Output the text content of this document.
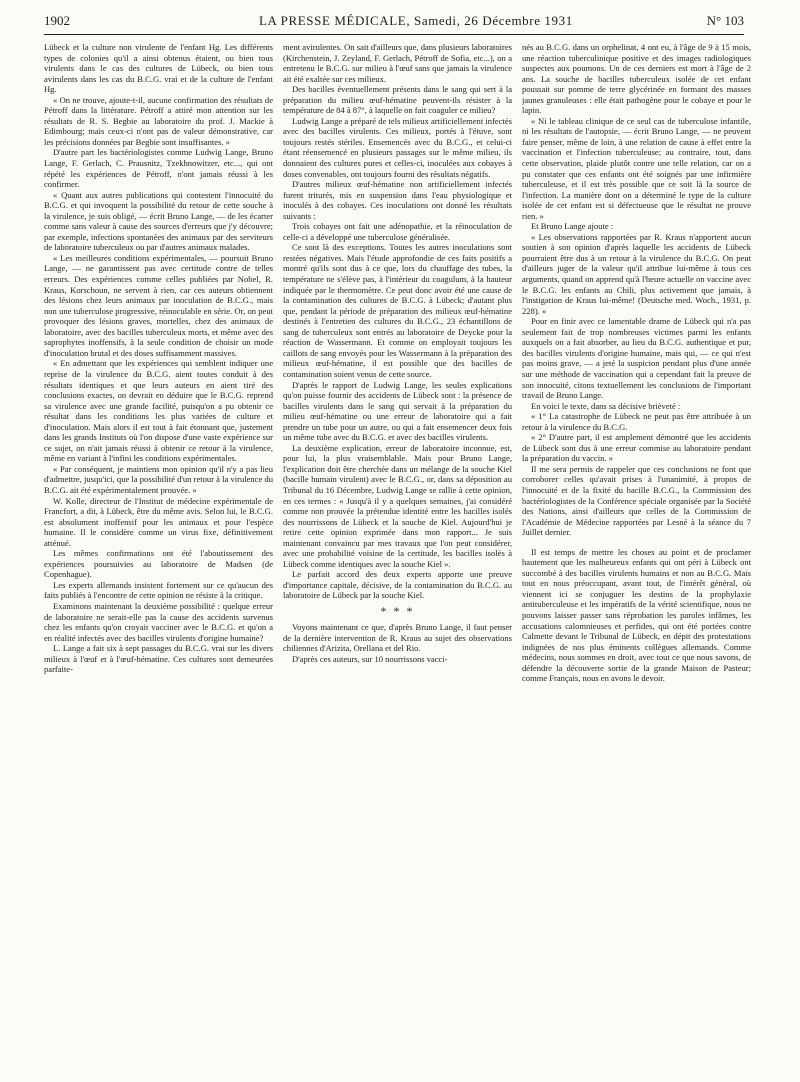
1902	LA PRESSE MÉDICALE, Samedi, 26 Décembre 1931	N° 103

Lübeck et la culture non virulente de l'enfant Hg. Les différents types de colonies qu'il a ainsi obtenus étaient, ou bien tous virulents dans le cas des cultures de Lübeck, ou bien tous avirulents dans les cas du B.C.G. vrai et de la culture de l'enfant Hg.

« On ne trouve, ajoute-t-il, aucune confirmation des résultats de Pétroff dans la littérature. Pétroff a attiré mon attention sur les résultats de R. S. Begbie au laboratoire du prof. J. Mackie à Edimbourg; mais ceux-ci n'ont pas de valeur démonstrative, car les précisions données par Begbie sont insuffisantes. »

D'autre part les bactériologistes comme Ludwig Lange, Bruno Lange, F. Gerlach, C. Prausnitz, Tzekhnowitzer, etc..., qui ont répété les expériences de Pétroff, n'ont jamais réussi à les confirmer.

« Quant aux autres publications qui contestent l'innocuité du B.C.G. et qui invoquent la possibilité du retour de cette souche à la virulence, je suis obligé, — écrit Bruno Lange, — de les écarter comme sans valeur à cause des sources d'erreurs que j'y découvre; par exemple, infections spontanées des animaux par des serviteurs de laboratoire tuberculeux ou par d'autres animaux malades.

« Les meilleures conditions expérimentales, — poursuit Bruno Lange, — ne garantissent pas avec certitude contre de telles erreurs. Des expériences comme celles publiées par Nobel, R. Kraus, Korschoun, ne servent à rien, car ces auteurs obtiennent des lésions chez leurs animaux par inoculation de B.C.G., mais non une tuberculose progressive, réinoculable en série. Or, on peut provoquer des lésions graves, mortelles, chez des animaux de laboratoire, avec des bacilles tuberculeux morts, et même avec des saprophytes inoffensifs, à la seule condition de choisir un mode d'inoculation brutal et des doses suffisamment massives.

« En admettant que les expériences qui semblent indiquer une reprise de la virulence du B.C.G. aient toutes conduit à des résultats identiques et que leurs auteurs en aient tiré des conclusions exactes, on devrait en déduire que le B.C.G. reprend sa virulence avec une grande facilité, puisqu'on a pu obtenir ce résultat dans les conditions les plus variées de culture et d'inoculation. Mais alors il est tout à fait étonnant que, justement dans les grands Instituts où l'on dispose d'une vaste expérience sur ce sujet, on n'ait jamais réussi à obtenir ce retour à la virulence, même en variant à l'infini les conditions expérimentales.

« Par conséquent, je maintiens mon opinion qu'il n'y a pas lieu d'admettre, jusqu'ici, que la possibilité d'un retour à la virulence du B.C.G. ait été expérimentalement prouvée. »

W. Kolle, directeur de l'Institut de médecine expérimentale de Francfort, a dit, à Lübeck, être du même avis. Selon lui, le B.C.G. est absolument inoffensif pour les animaux et pour l'espèce humaine. Il le considère comme un virus fixe, définitivement atténué.

Les mêmes confirmations ont été l'aboutissement des expériences poursuivies au laboratoire de Madsen (de Copenhague).

Les experts allemands insistent fortement sur ce qu'aucun des faits publiés à l'encontre de cette opinion ne résiste à la critique.

Examinons maintenant la deuxième possibilité : quelque erreur de laboratoire ne serait-elle pas la cause des accidents survenus chez les enfants qu'on croyait vacciner avec le B.C.G. et qu'on a en réalité infectés avec des bacilles virulents d'origine humaine?

L. Lange a fait six à sept passages du B.C.G. vrai sur les divers milieux à l'œuf et à l'œuf-hématine. Ces cultures sont demeurées parfaite-

ment avirulentes. On sait d'ailleurs que, dans plusieurs laboratoires (Kirchenstein, J. Zeyland, F. Gerlach, Pétroff de Sofia, etc...), on a entretenu le B.C.G. sur milieu à l'œuf sans que jamais la virulence ait été exaltée sur ces milieux.

Des bacilles éventuellement présents dans le sang qui sert à la préparation du milieu œuf-hématine peuvent-ils résister à la température de 84 à 87°, à laquelle on fait coaguler ce milieu?

Ludwig Lange a préparé de tels milieux artificiellement infectés avec des bacilles virulents. Ces milieux, portés à l'étuve, sont toujours restés stériles. Ensemencés avec du B.C.G., et celui-ci étant réensemencé en plusieurs passages sur le même milieu, ils donnaient des cultures pures et celles-ci, inoculées aux cobayes à doses convenables, ont toujours fourni des résultats négatifs.

D'autres milieux œuf-hématine non artificiellement infectés furent triturés, mis en suspension dans l'eau physiologique et inoculés à des cobayes. Ces inoculations ont donné les résultats suivants :

Trois cobayes ont fait une adénopathie, et la réinoculation de celle-ci a développé une tuberculose généralisée.

Ce sont là des exceptions. Toutes les autres inoculations sont restées négatives. Mais l'étude approfondie de ces faits positifs a montré qu'ils sont dus à ce que, lors du chauffage des tubes, la température ne s'élève pas, à l'intérieur du coagulum, à la hauteur indiquée par le thermomètre. Ce peut donc avoir été une cause de la contamination des cultures de B.C.G. à Lübeck; d'autant plus que, pendant la période de préparation des milieux œuf-hématine destinés à l'entretien des cultures du B.C.G., 23 échantillons de sang de tuberculeux sont entrés au laboratoire de Deycke pour la réaction de Wassermann. Et comme on employait toujours les caillots de sang envoyés pour les Wassermann à la préparation des milieux œuf-hématine, il est possible que des bacilles de contamination soient venus de cette source.

D'après le rapport de Ludwig Lange, les seules explications qu'on puisse fournir des accidents de Lübeck sont : la présence de bacilles virulents dans le sang qui servait à la préparation du milieu œuf-hématine ou une erreur de laboratoire qui a fait prendre un tube pour un autre, ou qui a fait ensemencer deux fois un même tube avec du B.C.G. et avec des bacilles virulents.

La deuxième explication, erreur de laboratoire inconnue, est, pour lui, la plus vraisemblable. Mais pour Bruno Lange, l'explication doit être cherchée dans un mélange de la souche Kiel (bacille humain virulent) avec le B.C.G., or, dans sa déposition au Tribunal du 16 Décembre, Ludwig Lange se rallie à cette opinion, en ces termes : « Jusqu'à il y a quelques semaines, j'ai considéré comme non prouvée la prétendue identité entre les bacilles isolés des nourrissons de Lübeck et la souche de Kiel. Aujourd'hui je retire cette opinion exprimée dans mon rapport... Je suis maintenant convaincu par mes travaux que l'on peut considérer, avec une probabilité voisine de la certitude, les bacilles isolés à Lübeck comme identiques avec la souche Kiel ».

Le parfait accord des deux experts apporte une preuve d'importance capitale, décisive, de la contamination du B.C.G. au laboratoire de Lübeck par la souche Kiel.

* * *

Voyons maintenant ce que, d'après Bruno Lange, il faut penser de la dernière intervention de R. Kraus au sujet des observations chiliennes d'Arizita, Orellana et del Rio.

D'après ces auteurs, sur 10 nourrissons vacci-

nés au B.C.G. dans un orphelinat, 4 ont eu, à l'âge de 9 à 15 mois, une réaction tuberculinique positive et des images radiologiques suspectes aux poumons. Un de ces derniers est mort à l'âge de 2 ans. La souche de bacilles tuberculeux isolée de cet enfant poussait sur pomme de terre glycérinée en formant des masses jaunes granuleuses : elle était pathogène pour le cobaye et pour le lapin.

« Ni le tableau clinique de ce seul cas de tuberculose infantile, ni les résultats de l'autopsie, — écrit Bruno Lange, — ne peuvent faire penser, même de loin, à une relation de cause à effet entre la vaccination et l'infection tuberculeuse; au contraire, tout, dans cette observation, plaide plutôt contre une telle relation, car on a pu constater que ces enfants ont été soignés par une infirmière tuberculeuse, et il est très possible que ce soit là la source de l'infection. La manière dont on a déterminé le type de la culture isolée de cet enfant est si défectueuse que le résultat ne prouve rien. »

Et Bruno Lange ajoute :

« Les observations rapportées par R. Kraus n'apportent aucun soutien à son opinion d'après laquelle les accidents de Lübeck pourraient être dus à un retour à la virulence du B.C.G. On peut d'ailleurs juger de la valeur qu'il attribue lui-même à tous ces arguments, quand on apprend qu'à l'heure actuelle on vaccine avec le B.C.G. les enfants au Chili, plus activement que jamais, à l'instigation de Kraus lui-même! (Deutsche med. Woch., 1931, p. 228). »

Pour en finir avec ce lamentable drame de Lübeck qui n'a pas seulement fait de trop nombreuses victimes parmi les enfants auxquels on a fait absorber, au lieu du B.C.G. authentique et pur, des bacilles virulents d'origine humaine, mais qui, — ce qui n'est pas moins grave, — a jeté la suspicion pendant plus d'une année sur une méthode de vaccination qui a cependant fait la preuve de son innocuité, citons textuellement les conclusions de l'important travail de Bruno Lange.

En voici le texte, dans sa décisive brièveté :

« 1° La catastrophe de Lübeck ne peut pas être attribuée à un retour à la virulence du B.C.G.

« 2° D'autre part, il est amplement démontré que les accidents de Lübeck sont dus à une erreur commise au laboratoire pendant la préparation du vaccin. »

Il me sera permis de rappeler que ces conclusions ne font que corroborer celles qu'avait prises à l'unanimité, à propos de l'innocuité et de la fixité du bacille B.C.G., la Commission des bactériologistes de la Conférence spéciale organisée par la Société des Nations, ainsi d'ailleurs que celles de la Commission de l'Académie de Médecine rapportées par Lesné à la séance du 7 Juillet dernier.

Il est temps de mettre les choses au point et de proclamer hautement que les malheureux enfants qui ont péri à Lübeck ont succombé à des bacilles virulents humains et non au B.C.G. Mais tout en nous préoccupant, avant tout, de l'intérêt général, où viennent ici se conjuguer les destins de la prophylaxie antituberculeuse et les impératifs de la vérité scientifique, nous ne pouvons laisser passer sans réprobation les paroles infâmes, les accusations calomnieuses et perfides, qui ont été portées contre Calmette devant le Tribunal de Lübeck, en dépit des protestations indignées de nos plus éminents collègues allemands. Comme médecins, nous sommes en droit, avec tout ce que nous savons, de défendre la découverte sortie de la grande Maison de Pasteur; comme Français, nous en avons le devoir.
